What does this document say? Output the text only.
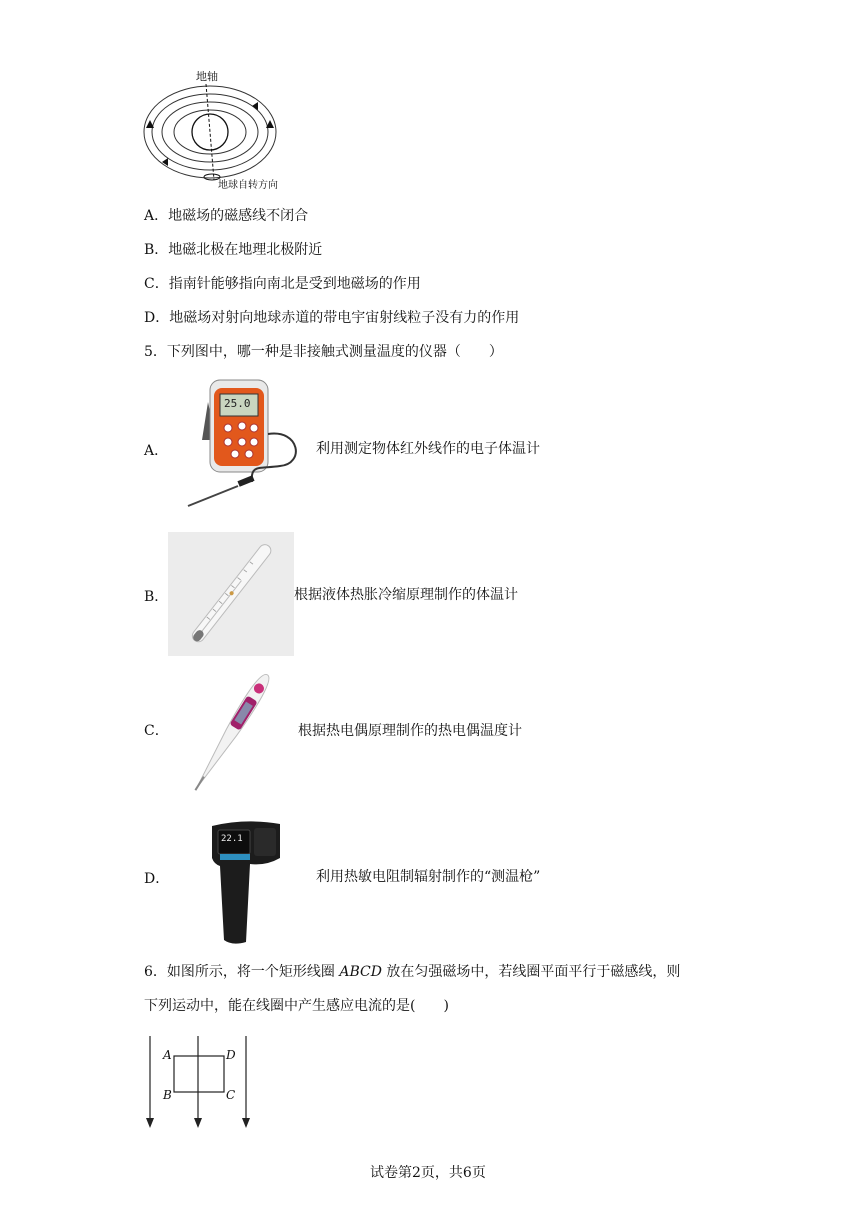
地轴
地球自转方向
A．地磁场的磁感线不闭合
B．地磁北极在地理北极附近
C．指南针能够指向南北是受到地磁场的作用
D．地磁场对射向地球赤道的带电宇宙射线粒子没有力的作用
5．下列图中，哪一种是非接触式测量温度的仪器（　　）
A．
25.0
利用测定物体红外线作的电子体温计
B．	根据液体热胀冷缩原理制作的体温计
C．	根据热电偶原理制作的热电偶温度计
D．
22.1
利用热敏电阻制辐射制作的“测温枪”
6．如图所示，将一个矩形线圈 ABCD 放在匀强磁场中，若线圈平面平行于磁感线，则
下列运动中，能在线圈中产生感应电流的是(　　)
A	D
B	C
试卷第2页，共6页
